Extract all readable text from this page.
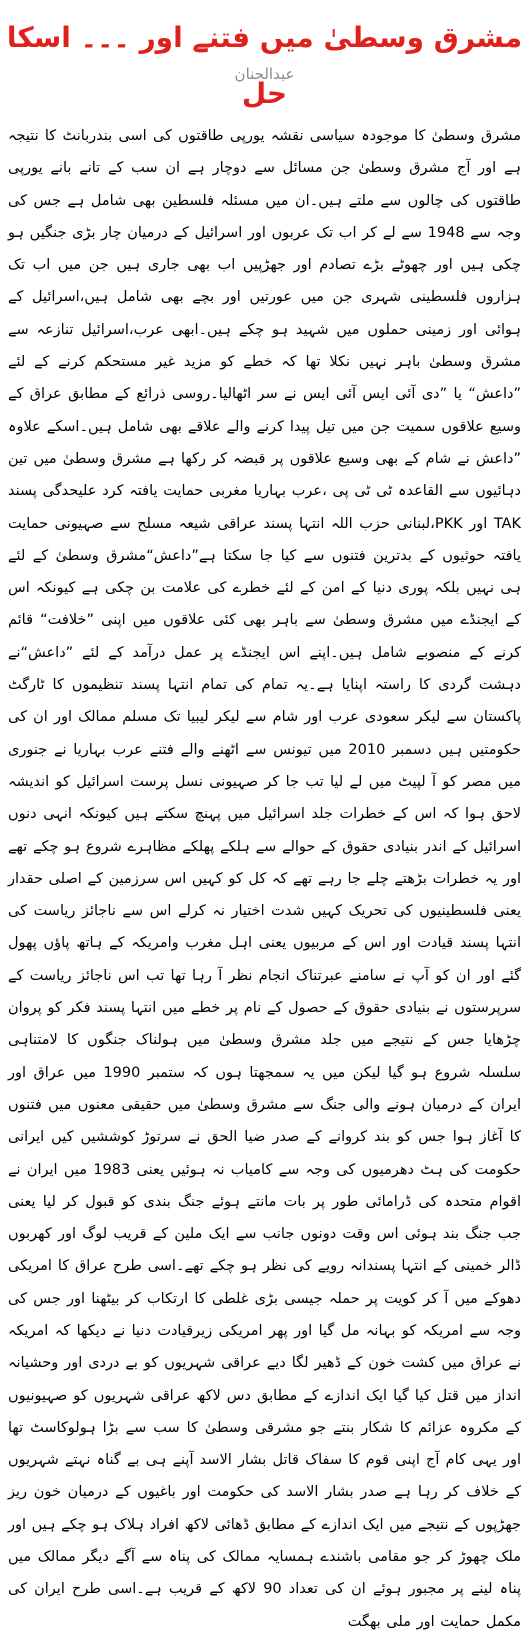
مشرق وسطیٰ میں فتنے اور ۔۔۔ اسکا حل
عبدالحنان

مشرق وسطیٰ کا موجودہ سیاسی نقشہ یورپی طاقتوں کی اسی بندربانٹ کا نتیجہ ہے اور آج مشرق وسطیٰ جن مسائل سے دوچار ہے ان سب کے تانے بانے یورپی طاقتوں کی چالوں سے ملتے ہیں۔ان میں مسئلہ فلسطین بھی شامل ہے جس کی وجہ سے 1948 سے لے کر اب تک عربوں اور اسرائیل کے درمیان چار بڑی جنگیں ہو چکی ہیں اور چھوٹے بڑے تصادم اور جھڑپیں اب بھی جاری ہیں جن میں اب تک ہزاروں فلسطینی شہری جن میں عورتیں اور بچے بھی شامل ہیں،اسرائیل کے ہوائی اور زمینی حملوں میں شہید ہو چکے ہیں۔ابھی عرب،اسرائیل تنازعہ سے مشرق وسطیٰ باہر نہیں نکلا تھا کہ خطے کو مزید غیر مستحکم کرنے کے لئے ”داعش“ یا ”دی آئی ایس آئی ایس نے سر اٹھالیا۔روسی ذرائع کے مطابق عراق کے وسیع علاقوں سمیت جن میں تیل پیدا کرنے والے علاقے بھی شامل ہیں۔اسکے علاوہ ”داعش نے شام کے بھی وسیع علاقوں پر قبضہ کر رکھا ہے مشرق وسطیٰ میں تین دہائیوں سے القاعدہ ٹی ٹی پی ،عرب بہاریا مغربی حمایت یافتہ کرد علیحدگی پسند TAK اور PKK،لبنانی حزب اللہ انتہا پسند عراقی شیعہ مسلح سے صہیونی حمایت یافتہ حوثیوں کے بدترین فتنوں سے کیا جا سکتا ہے”داعش“مشرق وسطیٰ کے لئے ہی نہیں بلکہ پوری دنیا کے امن کے لئے خطرے کی علامت بن چکی ہے کیونکہ اس کے ایجنڈے میں مشرق وسطیٰ سے باہر بھی کئی علاقوں میں اپنی ”خلافت“ قائم کرنے کے منصوبے شامل ہیں۔اپنے اس ایجنڈے پر عمل درآمد کے لئے ”داعش“نے دہشت گردی کا راستہ اپنایا ہے۔یہ تمام کی تمام انتہا پسند تنظیموں کا ٹارگٹ پاکستان سے لیکر سعودی عرب اور شام سے لیکر لیبیا تک مسلم ممالک اور ان کی حکومتیں ہیں دسمبر 2010 میں تیونس سے اٹھنے والے فتنے عرب بہاریا نے جنوری میں مصر کو آ لپیٹ میں لے لیا تب جا کر صہیونی نسل پرست اسرائیل کو اندیشہ لاحق ہوا کہ اس کے خطرات جلد اسرائیل میں پہنچ سکتے ہیں کیونکہ انہی دنوں اسرائیل کے اندر بنیادی حقوق کے حوالے سے ہلکے پھلکے مظاہرے شروع ہو چکے تھے اور یہ خطرات بڑھتے چلے جا رہے تھے کہ کل کو کہیں اس سرزمین کے اصلی حقدار یعنی فلسطینیوں کی تحریک کہیں شدت اختیار نہ کرلے اس سے ناجائز ریاست کی انتہا پسند قیادت اور اس کے مربیوں یعنی اہل مغرب وامریکہ کے ہاتھ پاؤں پھول گئے اور ان کو آپ نے سامنے عبرتناک انجام نظر آ رہا تھا تب اس ناجائز ریاست کے سرپرستوں نے بنیادی حقوق کے حصول کے نام پر خطے میں انتہا پسند فکر کو پروان چڑھایا جس کے نتیجے میں جلد مشرق وسطیٰ میں ہولناک جنگوں کا لامتناہی سلسلہ شروع ہو گیا لیکن میں یہ سمجھتا ہوں کہ ستمبر 1990 میں عراق اور ایران کے درمیان ہونے والی جنگ سے مشرق وسطیٰ میں حقیقی معنوں میں فتنوں کا آغاز ہوا جس کو بند کروانے کے صدر ضیا الحق نے سرتوڑ کوششیں کیں ایرانی حکومت کی ہٹ دھرمیوں کی وجہ سے کامیاب نہ ہوئیں یعنی 1983 میں ایران نے اقوام متحدہ کی ڈرامائی طور پر بات مانتے ہوئے جنگ بندی کو قبول کر لیا یعنی جب جنگ بند ہوئی اس وقت دونوں جانب سے ایک ملین کے قریب لوگ اور کھربوں ڈالر خمینی کے انتہا پسندانہ رویے کی نظر ہو چکے تھے۔اسی طرح عراق کا امریکی دھوکے میں آ کر کویت پر حملہ جیسی بڑی غلطی کا ارتکاب کر بیٹھنا اور جس کی وجہ سے امریکہ کو بہانہ مل گیا اور پھر امریکی زیرقیادت دنیا نے دیکھا کہ امریکہ نے عراق میں کشت خون کے ڈھیر لگا دیے عراقی شہریوں کو بے دردی اور وحشیانہ انداز میں قتل کیا گیا ایک اندازے کے مطابق دس لاکھ عراقی شہریوں کو صہیونیوں کے مکروہ عزائم کا شکار بنتے جو مشرقی وسطیٰ کا سب سے بڑا ہولوکاسٹ تھا اور یہی کام آج اپنی قوم کا سفاک قاتل بشار الاسد آپنے ہی بے گناہ نہتے شہریوں کے خلاف کر رہا ہے صدر بشار الاسد کی حکومت اور باغیوں کے درمیان خون ریز جھڑپوں کے نتیجے میں ایک اندازے کے مطابق ڈھائی لاکھ افراد ہلاک ہو چکے ہیں اور ملک چھوڑ کر جو مقامی باشندے ہمسایہ ممالک کی پناہ سے آگے دیگر ممالک میں پناہ لینے پر مجبور ہوئے ان کی تعداد 90 لاکھ کے قریب ہے۔اسی طرح ایران کی مکمل حمایت اور ملی بھگت
